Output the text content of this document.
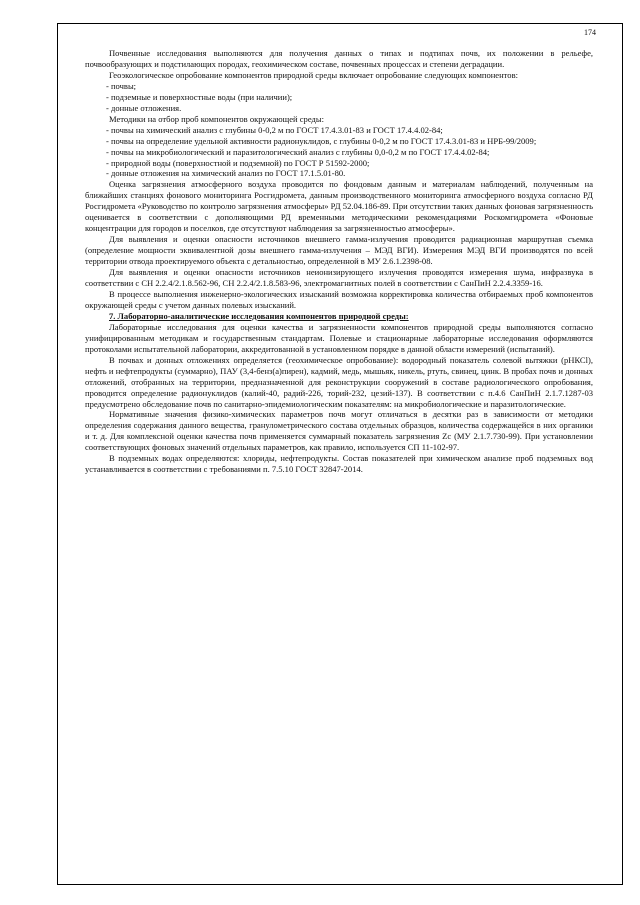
174

Почвенные исследования выполняются для получения данных о типах и подтипах почв, их положении в рельефе, почвообразующих и подстилающих породах, геохимическом составе, почвенных процессах и степени деградации.

Геоэкологическое опробование компонентов природной среды включает опробование следующих компонентов:

- почвы;

- подземные и поверхностные воды (при наличии);

- донные отложения.

Методики на отбор проб компонентов окружающей среды:

- почвы на химический анализ с глубины 0-0,2 м по ГОСТ 17.4.3.01-83 и ГОСТ 17.4.4.02-84;

- почвы на определение удельной активности радионуклидов, с глубины 0-0,2 м по ГОСТ 17.4.3.01-83 и НРБ-99/2009;

- почвы на микробиологический и паразитологический анализ с глубины 0,0-0,2 м по ГОСТ 17.4.4.02-84;

- природной воды (поверхностной и подземной) по ГОСТ Р 51592-2000;

- донные отложения на химический анализ по ГОСТ 17.1.5.01-80.

Оценка загрязнения атмосферного воздуха проводится по фондовым данным и материалам наблюдений, полученным на ближайших станциях фонового мониторинга Росгидромета, данным производственного мониторинга атмосферного воздуха согласно РД Росгидромета «Руководство по контролю загрязнения атмосферы» РД 52.04.186-89. При отсутствии таких данных фоновая загрязненность оценивается в соответствии с дополняющими РД временными методическими рекомендациями Роскомгидромета «Фоновые концентрации для городов и поселков, где отсутствуют наблюдения за загрязненностью атмосферы».

Для выявления и оценки опасности источников внешнего гамма-излучения проводится радиационная маршрутная съемка (определение мощности эквивалентной дозы внешнего гамма-излучения – МЭД ВГИ). Измерения МЭД ВГИ производятся по всей территории отвода проектируемого объекта с детальностью, определенной в МУ 2.6.1.2398-08.

Для выявления и оценки опасности источников неионизирующего излучения проводятся измерения шума, инфразвука в соответствии с СН 2.2.4/2.1.8.562-96, СН 2.2.4/2.1.8.583-96, электромагнитных полей в соответствии с СанПиН 2.2.4.3359-16.

В процессе выполнения инженерно-экологических изысканий возможна корректировка количества отбираемых проб компонентов окружающей среды с учетом данных полевых изысканий.

7. Лабораторно-аналитические исследования компонентов природной среды:

Лабораторные исследования для оценки качества и загрязненности компонентов природной среды выполняются согласно унифицированным методикам и государственным стандартам. Полевые и стационарные лабораторные исследования оформляются протоколами испытательной лаборатории, аккредитованной в установленном порядке в данной области измерений (испытаний).

В почвах и донных отложениях определяется (геохимическое опробование): водородный показатель солевой вытяжки (рНКСl), нефть и нефтепродукты (суммарно), ПАУ (3,4-бенз(а)пирен), кадмий, медь, мышьяк, никель, ртуть, свинец, цинк. В пробах почв и донных отложений, отобранных на территории, предназначенной для реконструкции сооружений в составе радиологического опробования, проводится определение радионуклидов (калий-40, радий-226, торий-232, цезий-137). В соответствии с п.4.6 СанПиН 2.1.7.1287-03 предусмотрено обследование почв по санитарно-эпидемиологическим показателям: на микробиологические и паразитологические.

Нормативные значения физико-химических параметров почв могут отличаться в десятки раз в зависимости от методики определения содержания данного вещества, гранулометрического состава отдельных образцов, количества содержащейся в них органики и т. д. Для комплексной оценки качества почв применяется суммарный показатель загрязнения Zc (МУ 2.1.7.730-99). При установлении соответствующих фоновых значений отдельных параметров, как правило, используется СП 11-102-97.

В подземных водах определяются: хлориды, нефтепродукты. Состав показателей при химическом анализе проб подземных вод устанавливается в соответствии с требованиями п. 7.5.10 ГОСТ 32847-2014.
